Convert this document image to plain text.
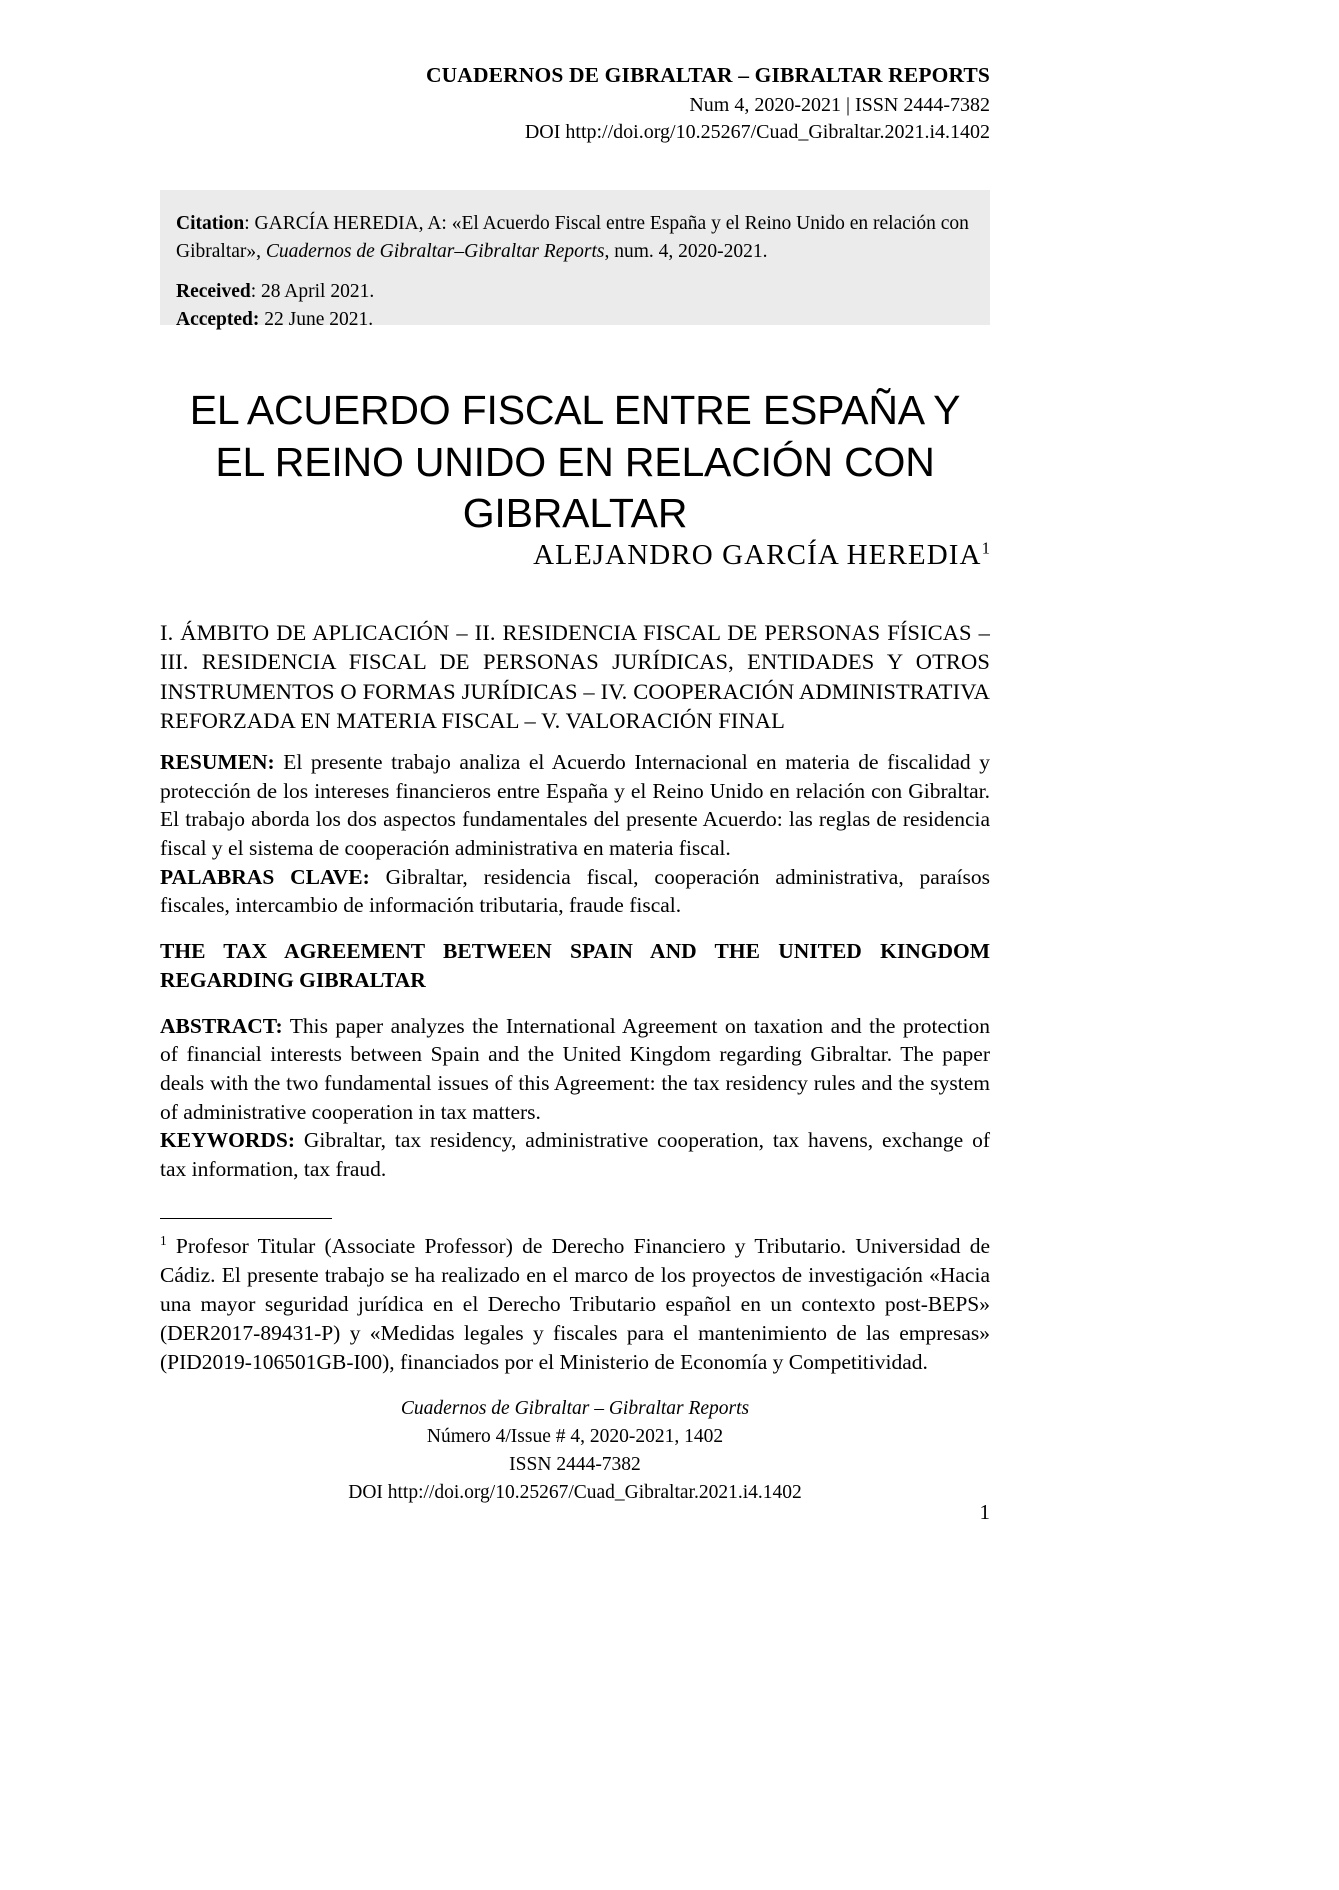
CUADERNOS DE GIBRALTAR – GIBRALTAR REPORTS
Num 4, 2020-2021 | ISSN 2444-7382
DOI http://doi.org/10.25267/Cuad_Gibraltar.2021.i4.1402
Citation: GARCÍA HEREDIA, A: «El Acuerdo Fiscal entre España y el Reino Unido en relación con Gibraltar», Cuadernos de Gibraltar–Gibraltar Reports, num. 4, 2020-2021.
Received: 28 April 2021.
Accepted: 22 June 2021.
EL ACUERDO FISCAL ENTRE ESPAÑA Y EL REINO UNIDO EN RELACIÓN CON GIBRALTAR
ALEJANDRO GARCÍA HEREDIA$^1$
I. ÁMBITO DE APLICACIÓN – II. RESIDENCIA FISCAL DE PERSONAS FÍSICAS – III. RESIDENCIA FISCAL DE PERSONAS JURÍDICAS, ENTIDADES Y OTROS INSTRUMENTOS O FORMAS JURÍDICAS – IV. COOPERACIÓN ADMINISTRATIVA REFORZADA EN MATERIA FISCAL – V. VALORACIÓN FINAL

RESUMEN: El presente trabajo analiza el Acuerdo Internacional en materia de fiscalidad y protección de los intereses financieros entre España y el Reino Unido en relación con Gibraltar. El trabajo aborda los dos aspectos fundamentales del presente Acuerdo: las reglas de residencia fiscal y el sistema de cooperación administrativa en materia fiscal.

PALABRAS CLAVE: Gibraltar, residencia fiscal, cooperación administrativa, paraísos fiscales, intercambio de información tributaria, fraude fiscal.

THE TAX AGREEMENT BETWEEN SPAIN AND THE UNITED KINGDOM REGARDING GIBRALTAR

ABSTRACT: This paper analyzes the International Agreement on taxation and the protection of financial interests between Spain and the United Kingdom regarding Gibraltar. The paper deals with the two fundamental issues of this Agreement: the tax residency rules and the system of administrative cooperation in tax matters.

KEYWORDS: Gibraltar, tax residency, administrative cooperation, tax havens, exchange of tax information, tax fraud.

$^1$ Profesor Titular (Associate Professor) de Derecho Financiero y Tributario. Universidad de Cádiz. El presente trabajo se ha realizado en el marco de los proyectos de investigación «Hacia una mayor seguridad jurídica en el Derecho Tributario español en un contexto post-BEPS» (DER2017-89431-P) y «Medidas legales y fiscales para el mantenimiento de las empresas» (PID2019-106501GB-I00), financiados por el Ministerio de Economía y Competitividad.
Cuadernos de Gibraltar – Gibraltar Reports
Número 4/Issue # 4, 2020-2021, 1402
ISSN 2444-7382
DOI http://doi.org/10.25267/Cuad_Gibraltar.2021.i4.1402
1
